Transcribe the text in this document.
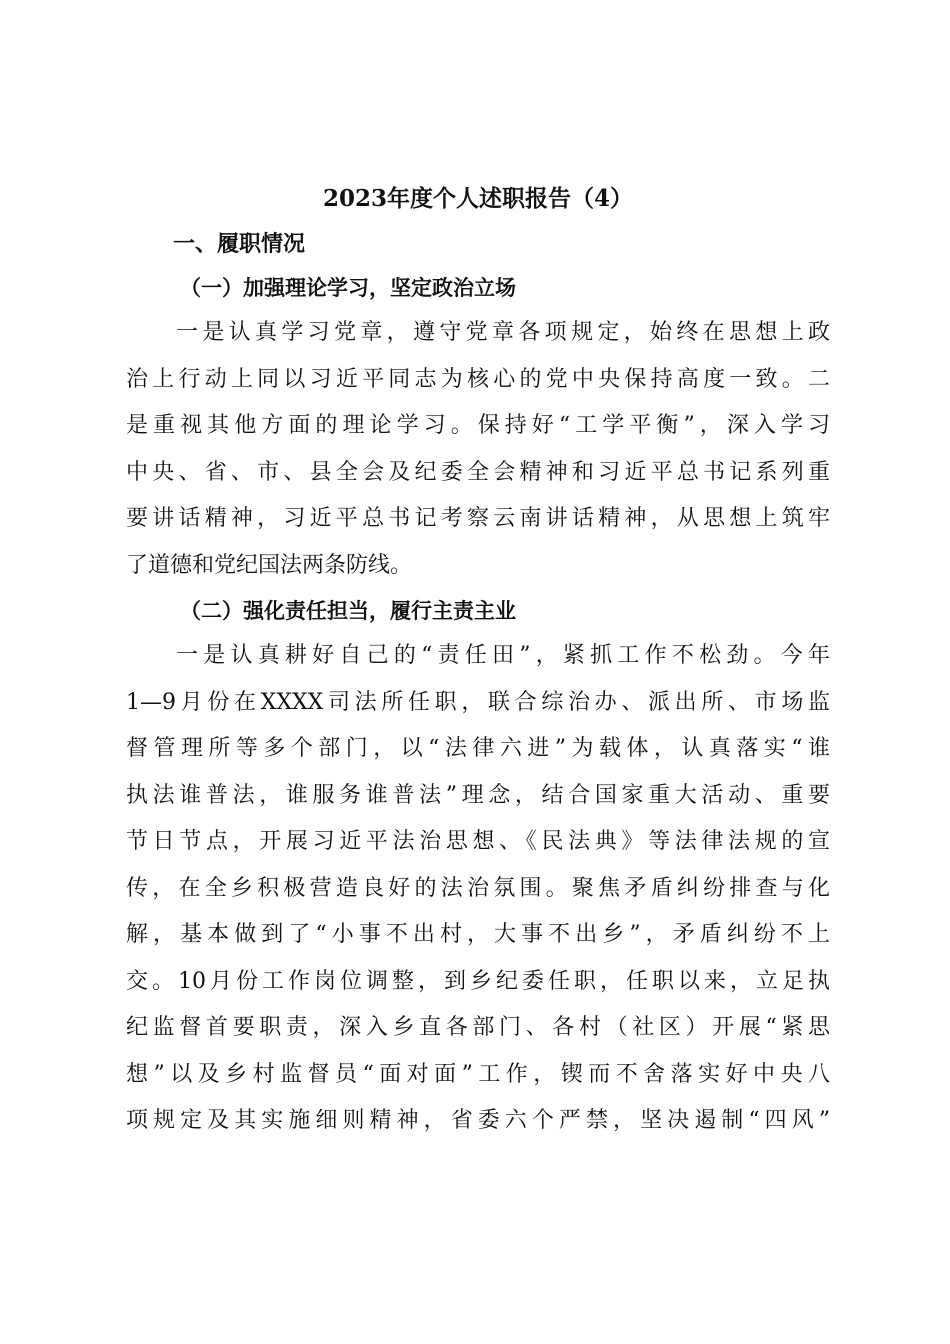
2023年度个人述职报告（4）
一、履职情况
（一）加强理论学习，坚定政治立场
一是认真学习党章，遵守党章各项规定，始终在思想上政
治上行动上同以习近平同志为核心的党中央保持高度一致。二
是重视其他方面的理论学习。保持好“工学平衡”，深入学习
中央、省、市、县全会及纪委全会精神和习近平总书记系列重
要讲话精神，习近平总书记考察云南讲话精神，从思想上筑牢
了道德和党纪国法两条防线。
（二）强化责任担当，履行主责主业
一是认真耕好自己的“责任田”，紧抓工作不松劲。今年
1—9月份在XXXX司法所任职，联合综治办、派出所、市场监
督管理所等多个部门，以“法律六进”为载体，认真落实“谁
执法谁普法，谁服务谁普法”理念，结合国家重大活动、重要
节日节点，开展习近平法治思想、《民法典》等法律法规的宣
传，在全乡积极营造良好的法治氛围。聚焦矛盾纠纷排查与化
解，基本做到了“小事不出村，大事不出乡”，矛盾纠纷不上
交。10月份工作岗位调整，到乡纪委任职，任职以来，立足执
纪监督首要职责，深入乡直各部门、各村（社区）开展“紧思
想”以及乡村监督员“面对面”工作，锲而不舍落实好中央八
项规定及其实施细则精神，省委六个严禁，坚决遏制“四风”
